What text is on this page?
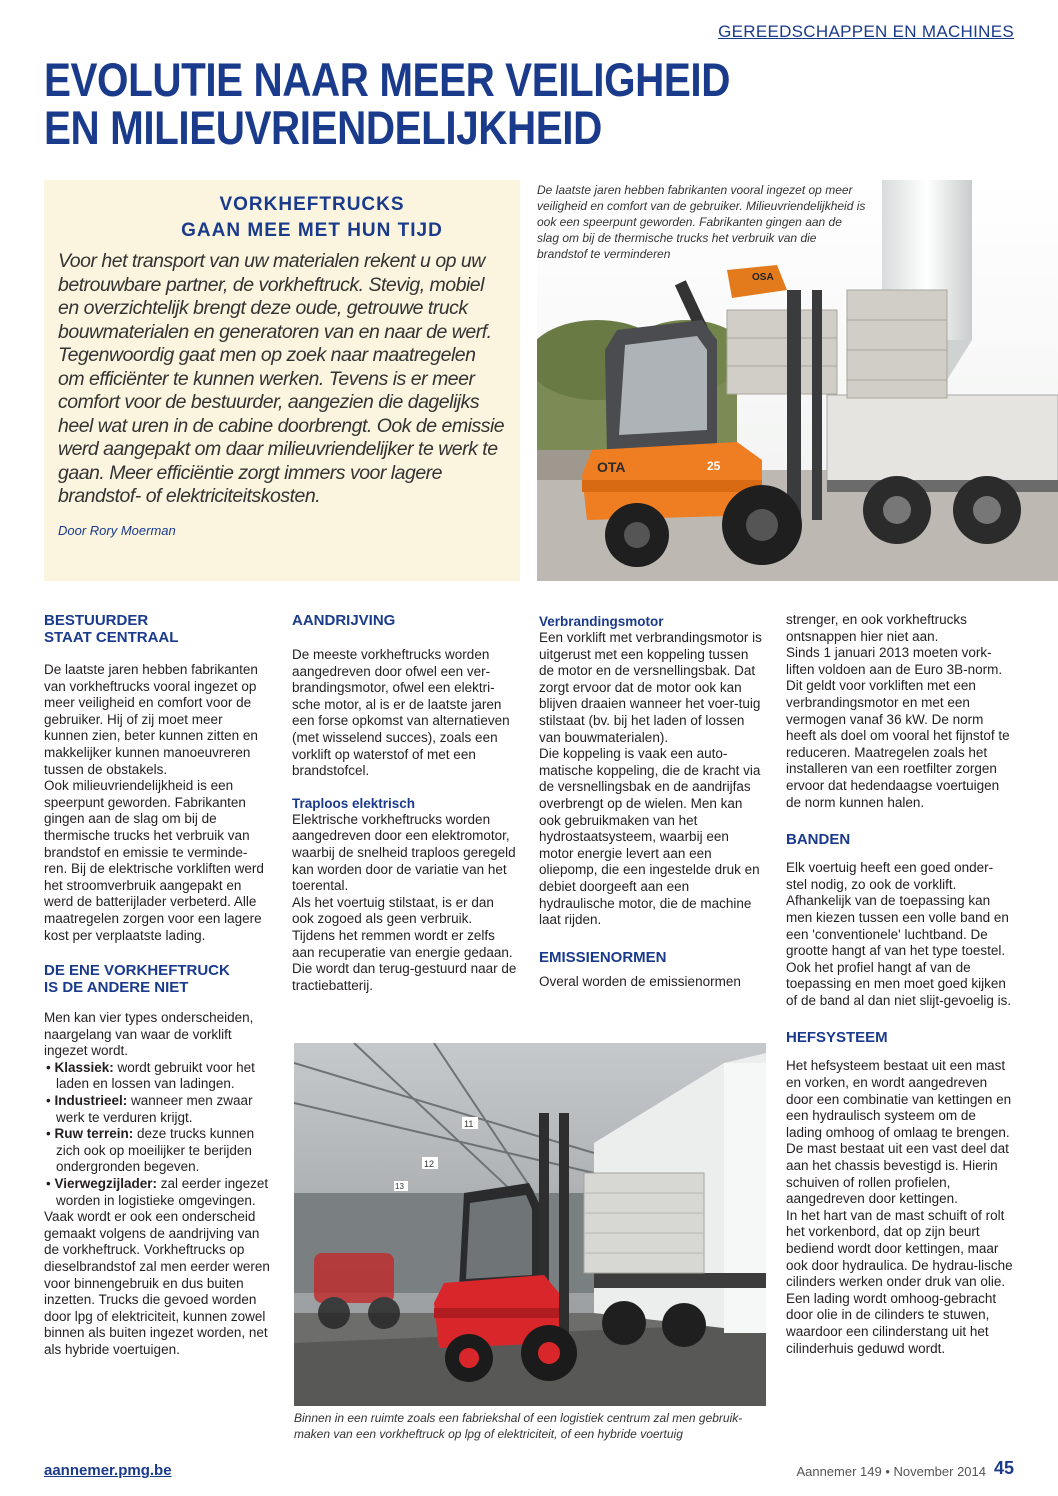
GEREEDSCHAPPEN EN MACHINES
EVOLUTIE NAAR MEER VEILIGHEID
EN MILIEUVRIENDELIJKHEID
VORKHEFTRUCKS
GAAN MEE MET HUN TIJD

Voor het transport van uw materialen rekent u op uw betrouwbare partner, de vorkheftruck. Stevig, mobiel en overzichtelijk brengt deze oude, getrouwe truck bouwmaterialen en generatoren van en naar de werf. Tegenwoordig gaat men op zoek naar maatregelen om efficiënter te kunnen werken. Tevens is er meer comfort voor de bestuurder, aangezien die dagelijks heel wat uren in de cabine doorbrengt. Ook de emissie werd aangepakt om daar milieuvriendelijker te werk te gaan. Meer efficiëntie zorgt immers voor lagere brandstof- of elektriciteitskosten.

Door Rory Moerman

OSA
OTA	25
De laatste jaren hebben fabrikanten vooral ingezet op meer veiligheid en comfort van de gebruiker. Milieuvriendelijkheid is ook een speerpunt geworden. Fabrikanten gingen aan de slag om bij de thermische trucks het verbruik van die brandstof te verminderen
BESTUURDER
STAAT CENTRAAL

De laatste jaren hebben fabrikanten van vorkheftrucks vooral ingezet op meer veiligheid en comfort voor de gebruiker. Hij of zij moet meer kunnen zien, beter kunnen zitten en makkelijker kunnen manoeuvreren tussen de obstakels.

Ook milieuvriendelijkheid is een speerpunt geworden. Fabrikanten gingen aan de slag om bij de thermische trucks het verbruik van brandstof en emissie te verminde-ren. Bij de elektrische vorkliften werd het stroomverbruik aangepakt en werd de batterijlader verbeterd. Alle maatregelen zorgen voor een lagere kost per verplaatste lading.

DE ENE VORKHEFTRUCK
IS DE ANDERE NIET

Men kan vier types onderscheiden, naargelang van waar de vorklift ingezet wordt.

• Klassiek: wordt gebruikt voor het laden en lossen van ladingen.

• Industrieel: wanneer men zwaar werk te verduren krijgt.

• Ruw terrein: deze trucks kunnen zich ook op moeilijker te berijden ondergronden begeven.

• Vierwegzijlader: zal eerder ingezet worden in logistieke omgevingen.

Vaak wordt er ook een onderscheid gemaakt volgens de aandrijving van de vorkheftruck. Vorkheftrucks op dieselbrandstof zal men eerder weren voor binnengebruik en dus buiten inzetten. Trucks die gevoed worden door lpg of elektriciteit, kunnen zowel binnen als buiten ingezet worden, net als hybride voertuigen.

AANDRIJVING

De meeste vorkheftrucks worden aangedreven door ofwel een ver-brandingsmotor, ofwel een elektri-sche motor, al is er de laatste jaren een forse opkomst van alternatieven (met wisselend succes), zoals een vorklift op waterstof of met een brandstofcel.

Traploos elektrisch

Elektrische vorkheftrucks worden aangedreven door een elektromotor, waarbij de snelheid traploos geregeld kan worden door de variatie van het toerental.

Als het voertuig stilstaat, is er dan ook zogoed als geen verbruik. Tijdens het remmen wordt er zelfs aan recuperatie van energie gedaan. Die wordt dan terug-gestuurd naar de tractiebatterij.

Verbrandingsmotor

Een vorklift met verbrandingsmotor is uitgerust met een koppeling tussen de motor en de versnellingsbak. Dat zorgt ervoor dat de motor ook kan blijven draaien wanneer het voer-tuig stilstaat (bv. bij het laden of lossen van bouwmaterialen).

Die koppeling is vaak een auto-matische koppeling, die de kracht via de versnellingsbak en de aandrijfas overbrengt op de wielen. Men kan ook gebruikmaken van het hydrostaatsysteem, waarbij een motor energie levert aan een oliepomp, die een ingestelde druk en debiet doorgeeft aan een hydraulische motor, die de machine laat rijden.

EMISSIENORMEN

Overal worden de emissienormen

strenger, en ook vorkheftrucks ontsnappen hier niet aan.

Sinds 1 januari 2013 moeten vork-liften voldoen aan de Euro 3B-norm. Dit geldt voor vorkliften met een verbrandingsmotor en met een vermogen vanaf 36 kW. De norm heeft als doel om vooral het fijnstof te reduceren. Maatregelen zoals het installeren van een roetfilter zorgen ervoor dat hedendaagse voertuigen de norm kunnen halen.

BANDEN

Elk voertuig heeft een goed onder-stel nodig, zo ook de vorklift. Afhankelijk van de toepassing kan men kiezen tussen een volle band en een 'conventionele' luchtband. De grootte hangt af van het type toestel. Ook het profiel hangt af van de toepassing en men moet goed kijken of de band al dan niet slijt-gevoelig is.

HEFSYSTEEM

Het hefsysteem bestaat uit een mast en vorken, en wordt aangedreven door een combinatie van kettingen en een hydraulisch systeem om de lading omhoog of omlaag te brengen.

De mast bestaat uit een vast deel dat aan het chassis bevestigd is. Hierin schuiven of rollen profielen, aangedreven door kettingen.

In het hart van de mast schuift of rolt het vorkenbord, dat op zijn beurt bediend wordt door kettingen, maar ook door hydraulica. De hydrau-lische cilinders werken onder druk van olie. Een lading wordt omhoog-gebracht door olie in de cilinders te stuwen, waardoor een cilinderstang uit het cilinderhuis geduwd wordt.

11
12
13
Binnen in een ruimte zoals een fabriekshal of een logistiek centrum zal men gebruik-maken van een vorkheftruck op lpg of elektriciteit, of een hybride voertuig
aannemer.pmg.be	Aannemer 149 • November 2014 45
